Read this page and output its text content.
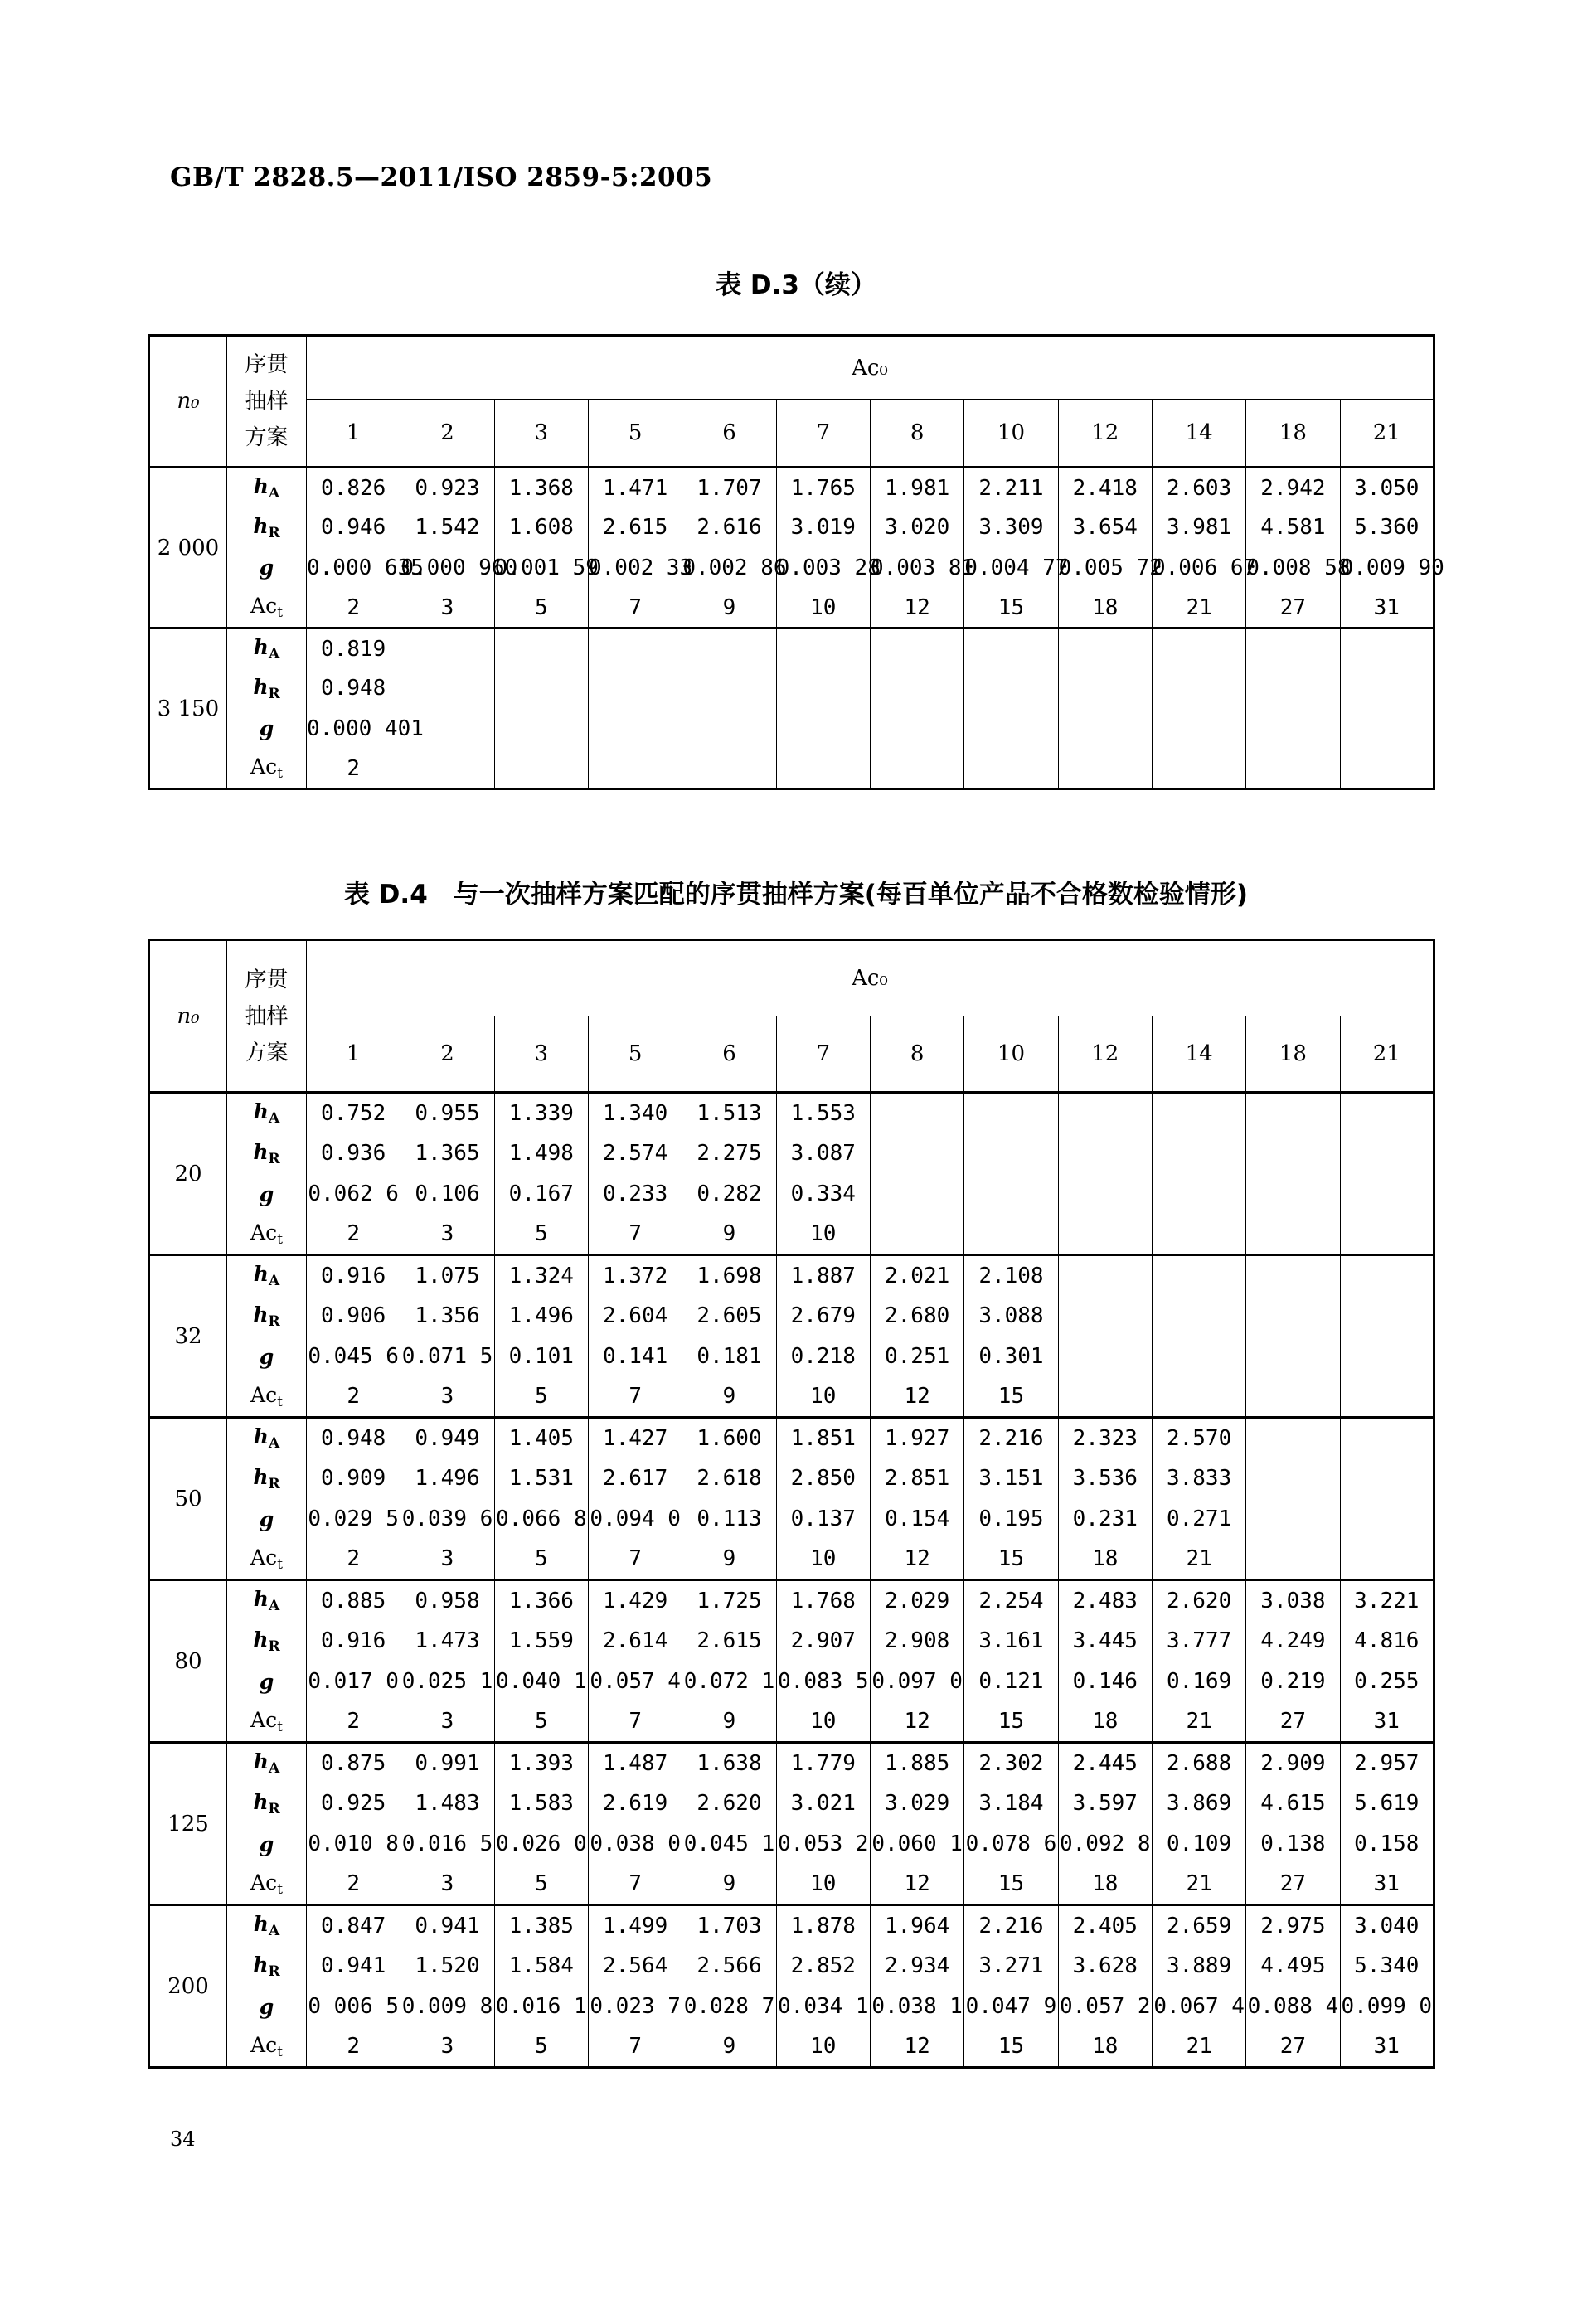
GB/T 2828.5—2011/ISO 2859-5:2005
表 D.3（续）
n₀	序贯
抽样
方案	Ac₀											
		1	2	3	5	6	7	8	10	12	14	18	21
2 000	$h_A$	0.826	0.923	1.368	1.471	1.707	1.765	1.981	2.211	2.418	2.603	2.942	3.050
	$h_R$	0.946	1.542	1.608	2.615	2.616	3.019	3.020	3.309	3.654	3.981	4.581	5.360
	g	0.000 635	0.000 960	0.001 59	0.002 33	0.002 86	0.003 28	0.003 81	0.004 77	0.005 72	0.006 67	0.008 58	0.009 90
	$Ac_t$	2	3	5	7	9	10	12	15	18	21	27	31
3 150	$h_A$	0.819											
	$h_R$	0.948											
	g	0.000 401											
	$Ac_t$	2											
表 D.4　与一次抽样方案匹配的序贯抽样方案(每百单位产品不合格数检验情形)
n₀	序贯
抽样
方案	Ac₀											
		1	2	3	5	6	7	8	10	12	14	18	21
20	$h_A$	0.752	0.955	1.339	1.340	1.513	1.553						
	$h_R$	0.936	1.365	1.498	2.574	2.275	3.087						
	g	0.062 6	0.106	0.167	0.233	0.282	0.334						
	$Ac_t$	2	3	5	7	9	10						
32	$h_A$	0.916	1.075	1.324	1.372	1.698	1.887	2.021	2.108				
	$h_R$	0.906	1.356	1.496	2.604	2.605	2.679	2.680	3.088				
	g	0.045 6	0.071 5	0.101	0.141	0.181	0.218	0.251	0.301				
	$Ac_t$	2	3	5	7	9	10	12	15				
50	$h_A$	0.948	0.949	1.405	1.427	1.600	1.851	1.927	2.216	2.323	2.570		
	$h_R$	0.909	1.496	1.531	2.617	2.618	2.850	2.851	3.151	3.536	3.833		
	g	0.029 5	0.039 6	0.066 8	0.094 0	0.113	0.137	0.154	0.195	0.231	0.271		
	$Ac_t$	2	3	5	7	9	10	12	15	18	21		
80	$h_A$	0.885	0.958	1.366	1.429	1.725	1.768	2.029	2.254	2.483	2.620	3.038	3.221
	$h_R$	0.916	1.473	1.559	2.614	2.615	2.907	2.908	3.161	3.445	3.777	4.249	4.816
	g	0.017 0	0.025 1	0.040 1	0.057 4	0.072 1	0.083 5	0.097 0	0.121	0.146	0.169	0.219	0.255
	$Ac_t$	2	3	5	7	9	10	12	15	18	21	27	31
125	$h_A$	0.875	0.991	1.393	1.487	1.638	1.779	1.885	2.302	2.445	2.688	2.909	2.957
	$h_R$	0.925	1.483	1.583	2.619	2.620	3.021	3.029	3.184	3.597	3.869	4.615	5.619
	g	0.010 8	0.016 5	0.026 0	0.038 0	0.045 1	0.053 2	0.060 1	0.078 6	0.092 8	0.109	0.138	0.158
	$Ac_t$	2	3	5	7	9	10	12	15	18	21	27	31
200	$h_A$	0.847	0.941	1.385	1.499	1.703	1.878	1.964	2.216	2.405	2.659	2.975	3.040
	$h_R$	0.941	1.520	1.584	2.564	2.566	2.852	2.934	3.271	3.628	3.889	4.495	5.340
	g	0 006 5	0.009 8	0.016 1	0.023 7	0.028 7	0.034 1	0.038 1	0.047 9	0.057 2	0.067 4	0.088 4	0.099 0
	$Ac_t$	2	3	5	7	9	10	12	15	18	21	27	31
34
